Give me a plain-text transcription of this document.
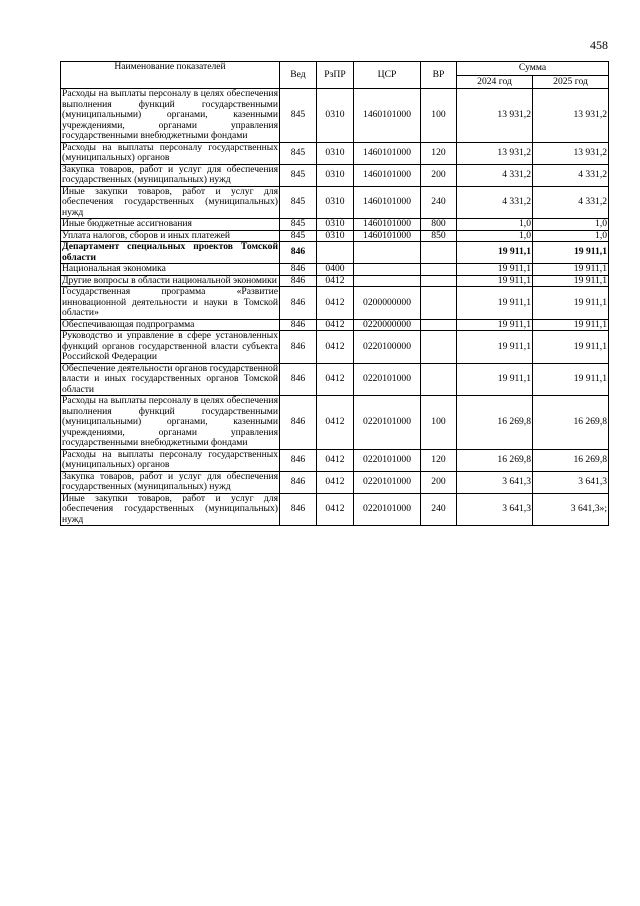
458
Наименование показателей	Вед	РзПР	ЦСР	ВР	Сумма	
					2024 год	2025 год
Расходы на выплаты персоналу в целях обеспечения выполнения функций государственными (муниципальными) органами, казенными учреждениями, органами управления государственными внебюджетными фондами	845	0310	1460101000	100	13 931,2	13 931,2
Расходы на выплаты персоналу государственных (муниципальных) органов	845	0310	1460101000	120	13 931,2	13 931,2
Закупка товаров, работ и услуг для обеспечения государственных (муниципальных) нужд	845	0310	1460101000	200	4 331,2	4 331,2
Иные закупки товаров, работ и услуг для обеспечения государственных (муниципальных) нужд	845	0310	1460101000	240	4 331,2	4 331,2
Иные бюджетные ассигнования	845	0310	1460101000	800	1,0	1,0
Уплата налогов, сборов и иных платежей	845	0310	1460101000	850	1,0	1,0
Департамент специальных проектов Томской области	846				19 911,1	19 911,1
Национальная экономика	846	0400			19 911,1	19 911,1
Другие вопросы в области национальной экономики	846	0412			19 911,1	19 911,1
Государственная программа «Развитие инновационной деятельности и науки в Томской области»	846	0412	0200000000		19 911,1	19 911,1
Обеспечивающая подпрограмма	846	0412	0220000000		19 911,1	19 911,1
Руководство и управление в сфере установленных функций органов государственной власти субъекта Российской Федерации	846	0412	0220100000		19 911,1	19 911,1
Обеспечение деятельности органов государственной власти и иных государственных органов Томской области	846	0412	0220101000		19 911,1	19 911,1
Расходы на выплаты персоналу в целях обеспечения выполнения функций государственными (муниципальными) органами, казенными учреждениями, органами управления государственными внебюджетными фондами	846	0412	0220101000	100	16 269,8	16 269,8
Расходы на выплаты персоналу государственных (муниципальных) органов	846	0412	0220101000	120	16 269,8	16 269,8
Закупка товаров, работ и услуг для обеспечения государственных (муниципальных) нужд	846	0412	0220101000	200	3 641,3	3 641,3
Иные закупки товаров, работ и услуг для обеспечения государственных (муниципальных) нужд	846	0412	0220101000	240	3 641,3	3 641,3»;
